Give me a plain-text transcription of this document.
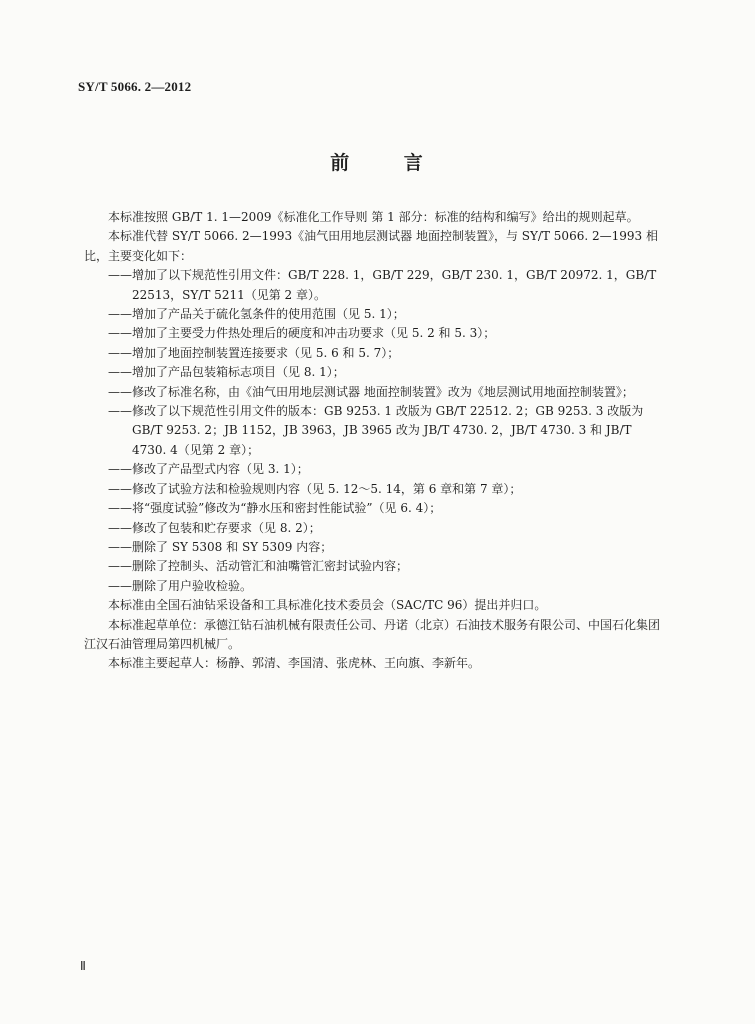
SY/T 5066. 2—2012
前 言

本标准按照 GB/T 1. 1—2009《标准化工作导则 第 1 部分：标准的结构和编写》给出的规则起草。

本标准代替 SY/T 5066. 2—1993《油气田用地层测试器 地面控制装置》，与 SY/T 5066. 2—1993 相比，主要变化如下：

——增加了以下规范性引用文件：GB/T 228. 1，GB/T 229，GB/T 230. 1，GB/T 20972. 1，GB/T 22513，SY/T 5211（见第 2 章）。

——增加了产品关于硫化氢条件的使用范围（见 5. 1）；

——增加了主要受力件热处理后的硬度和冲击功要求（见 5. 2 和 5. 3）；

——增加了地面控制装置连接要求（见 5. 6 和 5. 7）；

——增加了产品包装箱标志项目（见 8. 1）；

——修改了标准名称，由《油气田用地层测试器 地面控制装置》改为《地层测试用地面控制装置》；

——修改了以下规范性引用文件的版本：GB 9253. 1 改版为 GB/T 22512. 2；GB 9253. 3 改版为 GB/T 9253. 2；JB 1152，JB 3963，JB 3965 改为 JB/T 4730. 2，JB/T 4730. 3 和 JB/T 4730. 4（见第 2 章）；

——修改了产品型式内容（见 3. 1）；

——修改了试验方法和检验规则内容（见 5. 12～5. 14，第 6 章和第 7 章）；

——将“强度试验”修改为“静水压和密封性能试验”（见 6. 4）；

——修改了包装和贮存要求（见 8. 2）；

——删除了 SY 5308 和 SY 5309 内容；

——删除了控制头、活动管汇和油嘴管汇密封试验内容；

——删除了用户验收检验。

本标准由全国石油钻采设备和工具标准化技术委员会（SAC/TC 96）提出并归口。

本标准起草单位：承德江钻石油机械有限责任公司、丹诺（北京）石油技术服务有限公司、中国石化集团江汉石油管理局第四机械厂。

本标准主要起草人：杨静、郭清、李国清、张虎林、王向旗、李新年。

Ⅱ
